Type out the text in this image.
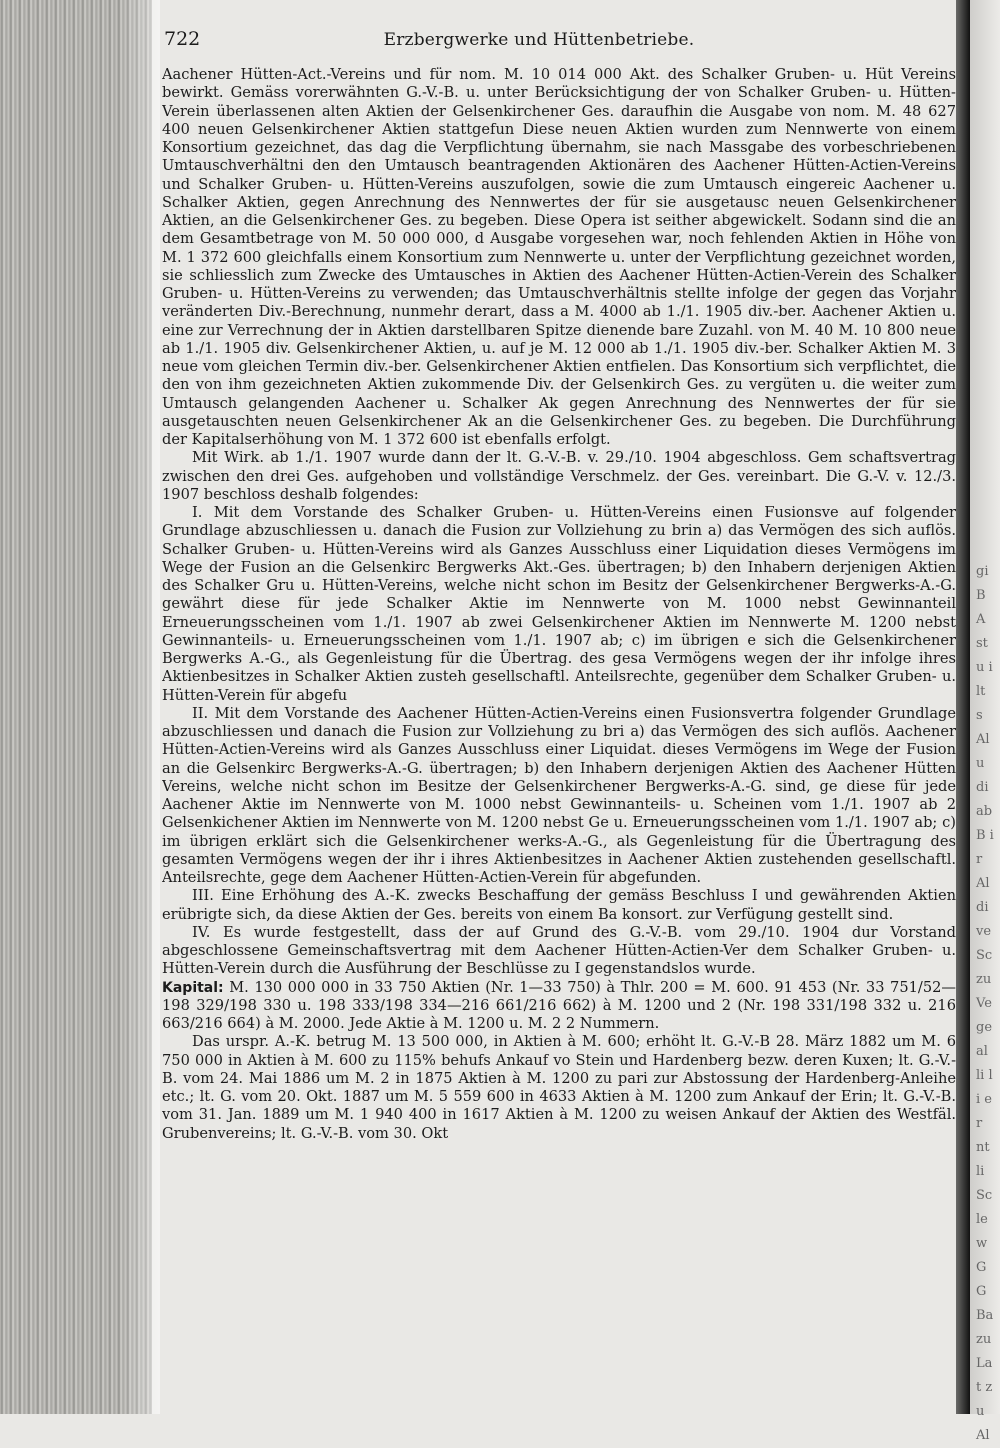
gi B A st u ilt s Al u di ab B ir Al di ve Sc zu Ve ge al li li er nt li Sc le w G G Ba zu Lat zu Al
722	Erzbergwerke und Hüttenbetriebe.

Aachener Hütten-Act.-Vereins und für nom. M. 10 014 000 Akt. des Schalker Gruben- u. Hüt Vereins bewirkt. Gemäss vorerwähnten G.-V.-B. u. unter Berücksichtigung der von Schalker Gruben- u. Hütten-Verein überlassenen alten Aktien der Gelsenkirchener Ges. daraufhin die Ausgabe von nom. M. 48 627 400 neuen Gelsenkirchener Aktien stattgefun Diese neuen Aktien wurden zum Nennwerte von einem Konsortium gezeichnet, das dag die Verpflichtung übernahm, sie nach Massgabe des vorbeschriebenen Umtauschverhältni den den Umtausch beantragenden Aktionären des Aachener Hütten-Actien-Vereins und Schalker Gruben- u. Hütten-Vereins auszufolgen, sowie die zum Umtausch eingereic Aachener u. Schalker Aktien, gegen Anrechnung des Nennwertes der für sie ausgetausc neuen Gelsenkirchener Aktien, an die Gelsenkirchener Ges. zu begeben. Diese Opera ist seither abgewickelt. Sodann sind die an dem Gesamtbetrage von M. 50 000 000, d Ausgabe vorgesehen war, noch fehlenden Aktien in Höhe von M. 1 372 600 gleichfalls einem Konsortium zum Nennwerte u. unter der Verpflichtung gezeichnet worden, sie schliesslich zum Zwecke des Umtausches in Aktien des Aachener Hütten-Actien-Verein des Schalker Gruben- u. Hütten-Vereins zu verwenden; das Umtauschverhältnis stellte infolge der gegen das Vorjahr veränderten Div.-Berechnung, nunmehr derart, dass a M. 4000 ab 1./1. 1905 div.-ber. Aachener Aktien u. eine zur Verrechnung der in Aktien darstellbaren Spitze dienende bare Zuzahl. von M. 40 M. 10 800 neue ab 1./1. 1905 div. Gelsenkirchener Aktien, u. auf je M. 12 000 ab 1./1. 1905 div.-ber. Schalker Aktien M. 3 neue vom gleichen Termin div.-ber. Gelsenkirchener Aktien entfielen. Das Konsortium sich verpflichtet, die den von ihm gezeichneten Aktien zukommende Div. der Gelsenkirch Ges. zu vergüten u. die weiter zum Umtausch gelangenden Aachener u. Schalker Ak gegen Anrechnung des Nennwertes der für sie ausgetauschten neuen Gelsenkirchener Ak an die Gelsenkirchener Ges. zu begeben. Die Durchführung der Kapitalserhöhung von M. 1 372 600 ist ebenfalls erfolgt.

Mit Wirk. ab 1./1. 1907 wurde dann der lt. G.-V.-B. v. 29./10. 1904 abgeschloss. Gem schaftsvertrag zwischen den drei Ges. aufgehoben und vollständige Verschmelz. der Ges. vereinbart. Die G.-V. v. 12./3. 1907 beschloss deshalb folgendes:

I. Mit dem Vorstande des Schalker Gruben- u. Hütten-Vereins einen Fusionsve auf folgender Grundlage abzuschliessen u. danach die Fusion zur Vollziehung zu brin a) das Vermögen des sich auflös. Schalker Gruben- u. Hütten-Vereins wird als Ganzes Ausschluss einer Liquidation dieses Vermögens im Wege der Fusion an die Gelsenkirc Bergwerks Akt.-Ges. übertragen; b) den Inhabern derjenigen Aktien des Schalker Gru u. Hütten-Vereins, welche nicht schon im Besitz der Gelsenkirchener Bergwerks-A.-G. gewährt diese für jede Schalker Aktie im Nennwerte von M. 1000 nebst Gewinnanteil Erneuerungsscheinen vom 1./1. 1907 ab zwei Gelsenkirchener Aktien im Nennwerte M. 1200 nebst Gewinnanteils- u. Erneuerungsscheinen vom 1./1. 1907 ab; c) im übrigen e sich die Gelsenkirchener Bergwerks A.-G., als Gegenleistung für die Übertrag. des gesa Vermögens wegen der ihr infolge ihres Aktienbesitzes in Schalker Aktien zusteh gesellschaftl. Anteilsrechte, gegenüber dem Schalker Gruben- u. Hütten-Verein für abgefu

II. Mit dem Vorstande des Aachener Hütten-Actien-Vereins einen Fusionsvertra folgender Grundlage abzuschliessen und danach die Fusion zur Vollziehung zu bri a) das Vermögen des sich auflös. Aachener Hütten-Actien-Vereins wird als Ganzes Ausschluss einer Liquidat. dieses Vermögens im Wege der Fusion an die Gelsenkirc Bergwerks-A.-G. übertragen; b) den Inhabern derjenigen Aktien des Aachener Hütten Vereins, welche nicht schon im Besitze der Gelsenkirchener Bergwerks-A.-G. sind, ge diese für jede Aachener Aktie im Nennwerte von M. 1000 nebst Gewinnanteils- u. Scheinen vom 1./1. 1907 ab 2 Gelsenkichener Aktien im Nennwerte von M. 1200 nebst Ge u. Erneuerungsscheinen vom 1./1. 1907 ab; c) im übrigen erklärt sich die Gelsenkirchener werks-A.-G., als Gegenleistung für die Übertragung des gesamten Vermögens wegen der ihr i ihres Aktienbesitzes in Aachener Aktien zustehenden gesellschaftl. Anteilsrechte, gege dem Aachener Hütten-Actien-Verein für abgefunden.

III. Eine Erhöhung des A.-K. zwecks Beschaffung der gemäss Beschluss I und gewährenden Aktien erübrigte sich, da diese Aktien der Ges. bereits von einem Ba konsort. zur Verfügung gestellt sind.

IV. Es wurde festgestellt, dass der auf Grund des G.-V.-B. vom 29./10. 1904 dur Vorstand abgeschlossene Gemeinschaftsvertrag mit dem Aachener Hütten-Actien-Ver dem Schalker Gruben- u. Hütten-Verein durch die Ausführung der Beschlüsse zu I gegenstandslos wurde.

Kapital: M. 130 000 000 in 33 750 Aktien (Nr. 1—33 750) à Thlr. 200 = M. 600. 91 453 (Nr. 33 751/52—198 329/198 330 u. 198 333/198 334—216 661/216 662) à M. 1200 und 2 (Nr. 198 331/198 332 u. 216 663/216 664) à M. 2000. Jede Aktie à M. 1200 u. M. 2 2 Nummern.

Das urspr. A.-K. betrug M. 13 500 000, in Aktien à M. 600; erhöht lt. G.-V.-B 28. März 1882 um M. 6 750 000 in Aktien à M. 600 zu 115% behufs Ankauf vo Stein und Hardenberg bezw. deren Kuxen; lt. G.-V.-B. vom 24. Mai 1886 um M. 2 in 1875 Aktien à M. 1200 zu pari zur Abstossung der Hardenberg-Anleihe etc.; lt. G. vom 20. Okt. 1887 um M. 5 559 600 in 4633 Aktien à M. 1200 zum Ankauf der Erin; lt. G.-V.-B. vom 31. Jan. 1889 um M. 1 940 400 in 1617 Aktien à M. 1200 zu weisen Ankauf der Aktien des Westfäl. Grubenvereins; lt. G.-V.-B. vom 30. Okt
